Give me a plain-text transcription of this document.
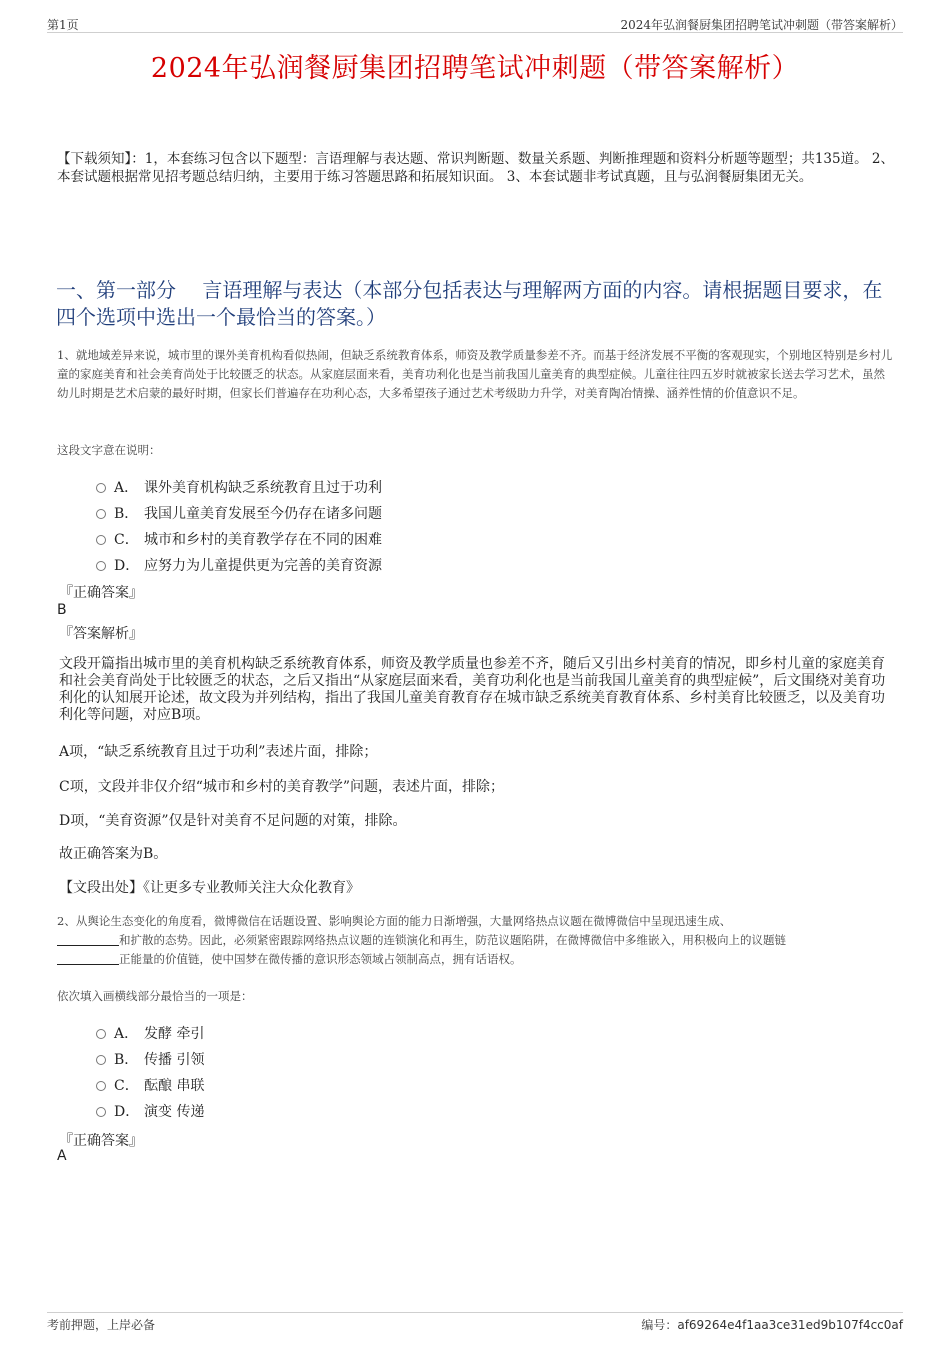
第1页	2024年弘润餐厨集团招聘笔试冲刺题（带答案解析）
2024年弘润餐厨集团招聘笔试冲刺题（带答案解析）
【下载须知】：1，本套练习包含以下题型：言语理解与表达题、常识判断题、数量关系题、判断推理题和资料分析题等题型；共135道。 2、本套试题根据常见招考题总结归纳，主要用于练习答题思路和拓展知识面。 3、本套试题非考试真题，且与弘润餐厨集团无关。
一、第一部分　 言语理解与表达（本部分包括表达与理解两方面的内容。请根据题目要求，在四个选项中选出一个最恰当的答案。）
1、就地域差异来说，城市里的课外美育机构看似热闹，但缺乏系统教育体系，师资及教学质量参差不齐。而基于经济发展不平衡的客观现实，个别地区特别是乡村儿童的家庭美育和社会美育尚处于比较匮乏的状态。从家庭层面来看，美育功利化也是当前我国儿童美育的典型症候。儿童往往四五岁时就被家长送去学习艺术，虽然幼儿时期是艺术启蒙的最好时期，但家长们普遍存在功利心态，大多希望孩子通过艺术考级助力升学，对美育陶冶情操、涵养性情的价值意识不足。
这段文字意在说明：
A． 课外美育机构缺乏系统教育且过于功利
B． 我国儿童美育发展至今仍存在诸多问题
C． 城市和乡村的美育教学存在不同的困难
D． 应努力为儿童提供更为完善的美育资源
『正确答案』
B
『答案解析』
文段开篇指出城市里的美育机构缺乏系统教育体系，师资及教学质量也参差不齐，随后又引出乡村美育的情况，即乡村儿童的家庭美育和社会美育尚处于比较匮乏的状态，之后又指出“从家庭层面来看，美育功利化也是当前我国儿童美育的典型症候”，后文围绕对美育功利化的认知展开论述，故文段为并列结构，指出了我国儿童美育教育存在城市缺乏系统美育教育体系、乡村美育比较匮乏，以及美育功利化等问题，对应B项。
A项，“缺乏系统教育且过于功利”表述片面，排除；
C项，文段并非仅介绍“城市和乡村的美育教学”问题，表述片面，排除；
D项，“美育资源”仅是针对美育不足问题的对策，排除。
故正确答案为B。
【文段出处】《让更多专业教师关注大众化教育》
2、从舆论生态变化的角度看，微博微信在话题设置、影响舆论方面的能力日渐增强，大量网络热点议题在微博微信中呈现迅速生成、
和扩散的态势。因此，必须紧密跟踪网络热点议题的连锁演化和再生，防范议题陷阱，在微博微信中多维嵌入，用积极向上的议题链
正能量的价值链，使中国梦在微传播的意识形态领域占领制高点，拥有话语权。
依次填入画横线部分最恰当的一项是：
A． 发酵 牵引
B． 传播 引领
C． 酝酿 串联
D． 演变 传递
『正确答案』
A
考前押题，上岸必备	编号：af69264e4f1aa3ce31ed9b107f4cc0af
